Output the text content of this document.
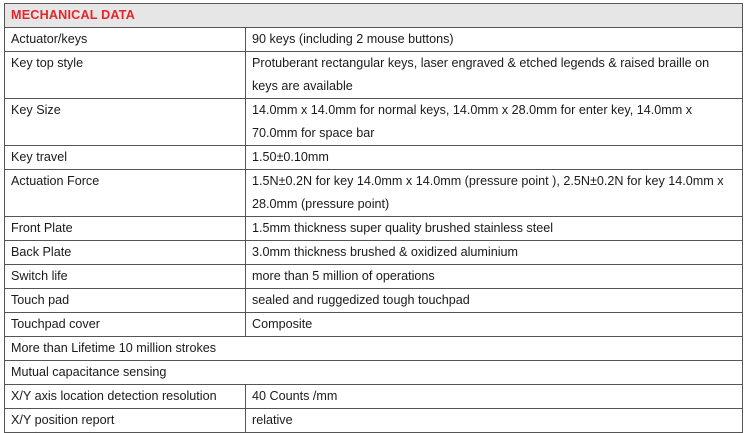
MECHANICAL DATA	
Actuator/keys	90 keys (including 2 mouse buttons)
Key top style	Protuberant rectangular keys, laser engraved & etched legends & raised braille on keys are available
Key Size	14.0mm x 14.0mm for normal keys, 14.0mm x 28.0mm for enter key, 14.0mm x 70.0mm for space bar
Key travel	1.50±0.10mm
Actuation Force	1.5N±0.2N for key 14.0mm x 14.0mm (pressure point ), 2.5N±0.2N for key 14.0mm x 28.0mm (pressure point)
Front Plate	1.5mm thickness super quality brushed stainless steel
Back Plate	3.0mm thickness brushed & oxidized aluminium
Switch life	more than 5 million of operations
Touch pad	sealed and ruggedized tough touchpad
Touchpad cover	Composite
More than Lifetime 10 million strokes	
Mutual capacitance sensing	
X/Y axis location detection resolution	40 Counts /mm
X/Y position report	relative
